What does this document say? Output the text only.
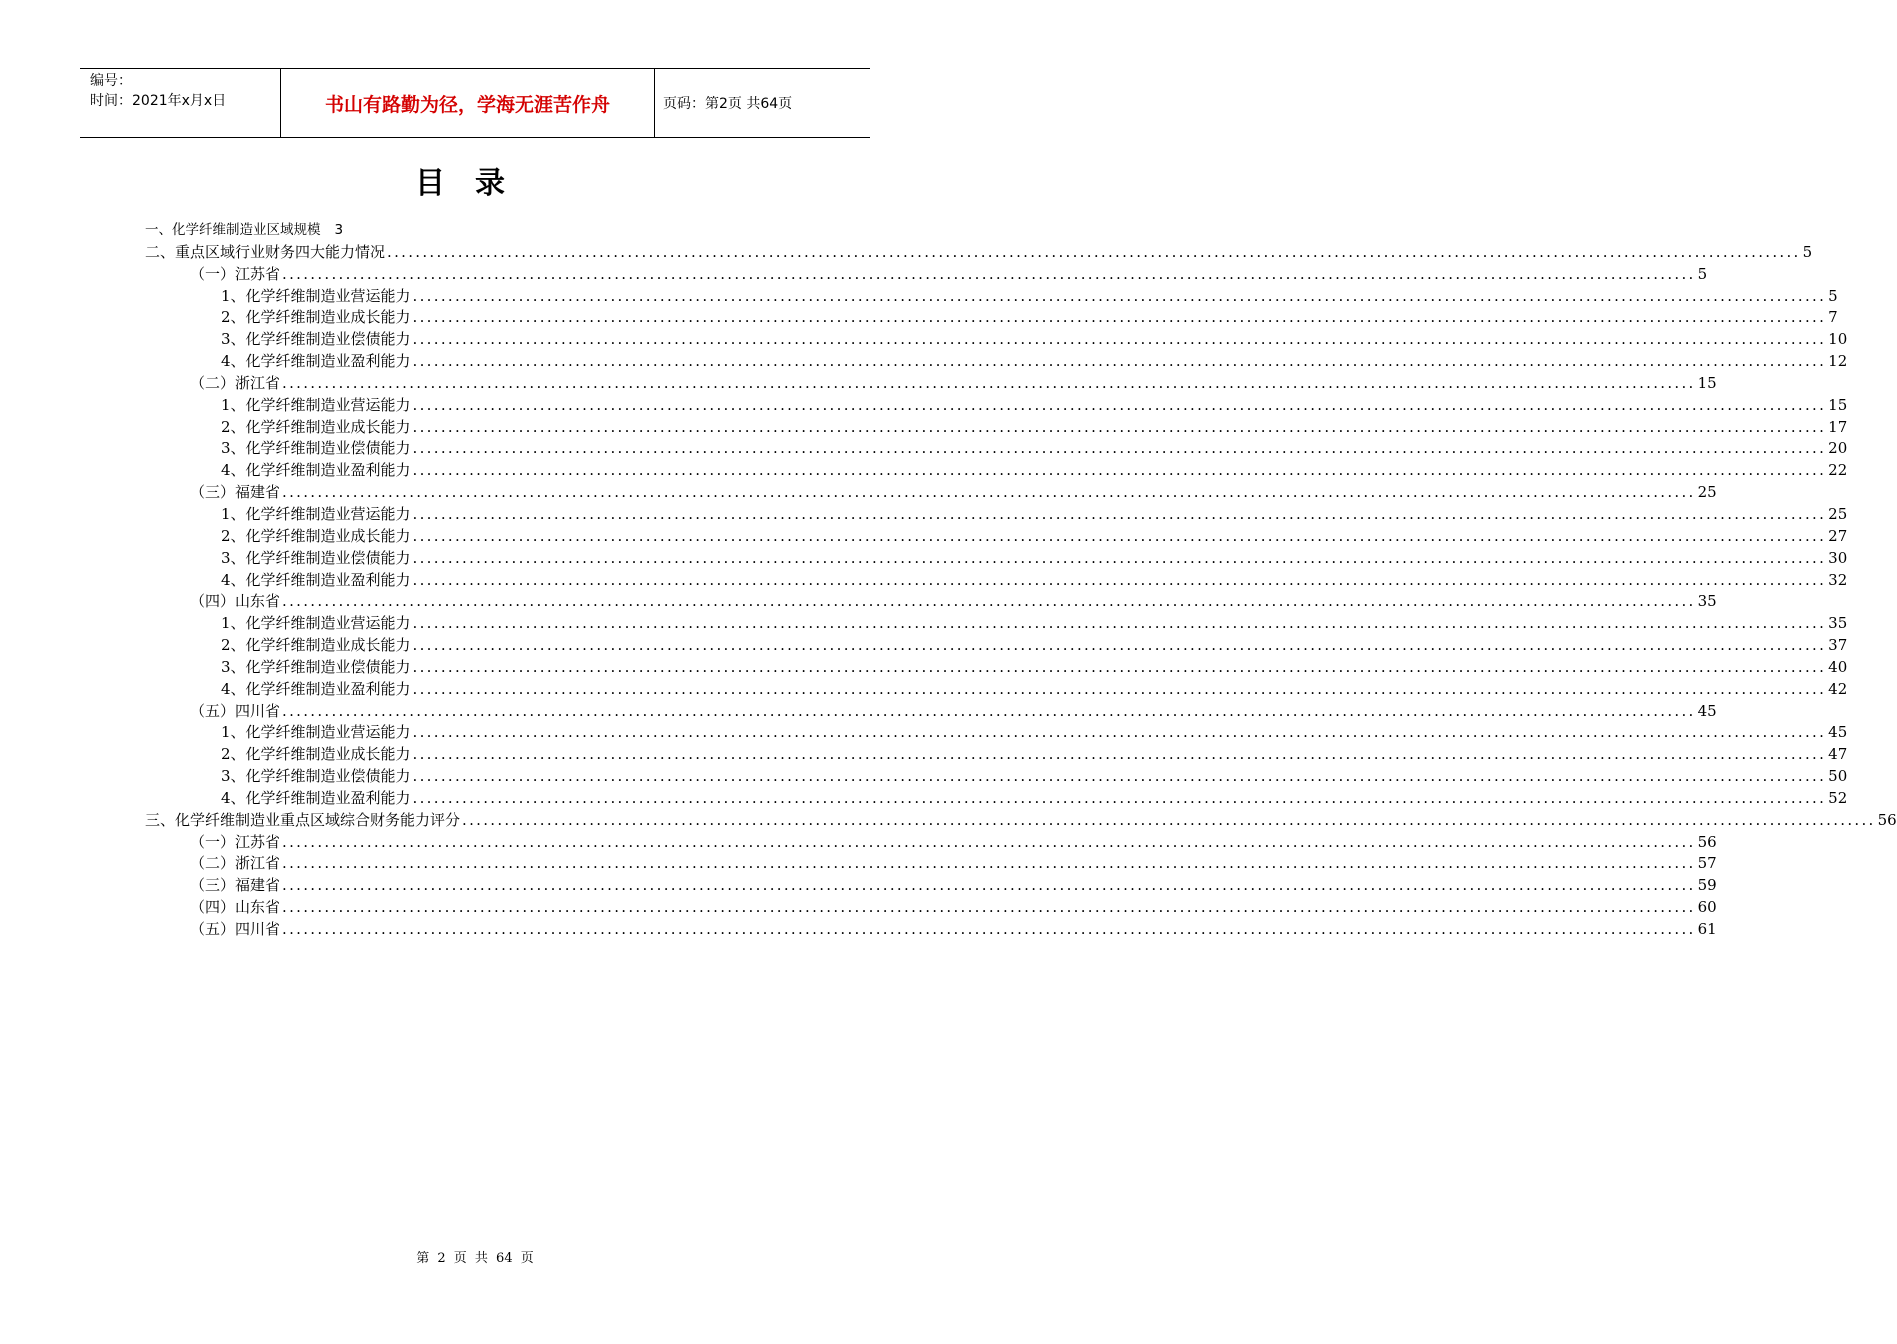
编号：
时间：2021年x月x日	书山有路勤为径，学海无涯苦作舟	页码：第2页 共64页
目录
一、化学纤维制造业区域规模 3
二、重点区域行业财务四大能力情况 ........................................................................................................................................................................................................ 5
（一）江苏省 ........................................................................................................................................................................................................ 5
1、化学纤维制造业营运能力 ........................................................................................................................................................................................................ 5
2、化学纤维制造业成长能力 ........................................................................................................................................................................................................ 7
3、化学纤维制造业偿债能力 ........................................................................................................................................................................................................ 10
4、化学纤维制造业盈利能力 ........................................................................................................................................................................................................ 12
（二）浙江省 ........................................................................................................................................................................................................ 15
1、化学纤维制造业营运能力 ........................................................................................................................................................................................................ 15
2、化学纤维制造业成长能力 ........................................................................................................................................................................................................ 17
3、化学纤维制造业偿债能力 ........................................................................................................................................................................................................ 20
4、化学纤维制造业盈利能力 ........................................................................................................................................................................................................ 22
（三）福建省 ........................................................................................................................................................................................................ 25
1、化学纤维制造业营运能力 ........................................................................................................................................................................................................ 25
2、化学纤维制造业成长能力 ........................................................................................................................................................................................................ 27
3、化学纤维制造业偿债能力 ........................................................................................................................................................................................................ 30
4、化学纤维制造业盈利能力 ........................................................................................................................................................................................................ 32
（四）山东省 ........................................................................................................................................................................................................ 35
1、化学纤维制造业营运能力 ........................................................................................................................................................................................................ 35
2、化学纤维制造业成长能力 ........................................................................................................................................................................................................ 37
3、化学纤维制造业偿债能力 ........................................................................................................................................................................................................ 40
4、化学纤维制造业盈利能力 ........................................................................................................................................................................................................ 42
（五）四川省 ........................................................................................................................................................................................................ 45
1、化学纤维制造业营运能力 ........................................................................................................................................................................................................ 45
2、化学纤维制造业成长能力 ........................................................................................................................................................................................................ 47
3、化学纤维制造业偿债能力 ........................................................................................................................................................................................................ 50
4、化学纤维制造业盈利能力 ........................................................................................................................................................................................................ 52
三、化学纤维制造业重点区域综合财务能力评分 ........................................................................................................................................................................................................ 56
（一）江苏省 ........................................................................................................................................................................................................ 56
（二）浙江省 ........................................................................................................................................................................................................ 57
（三）福建省 ........................................................................................................................................................................................................ 59
（四）山东省 ........................................................................................................................................................................................................ 60
（五）四川省 ........................................................................................................................................................................................................ 61
第 2 页 共 64 页
